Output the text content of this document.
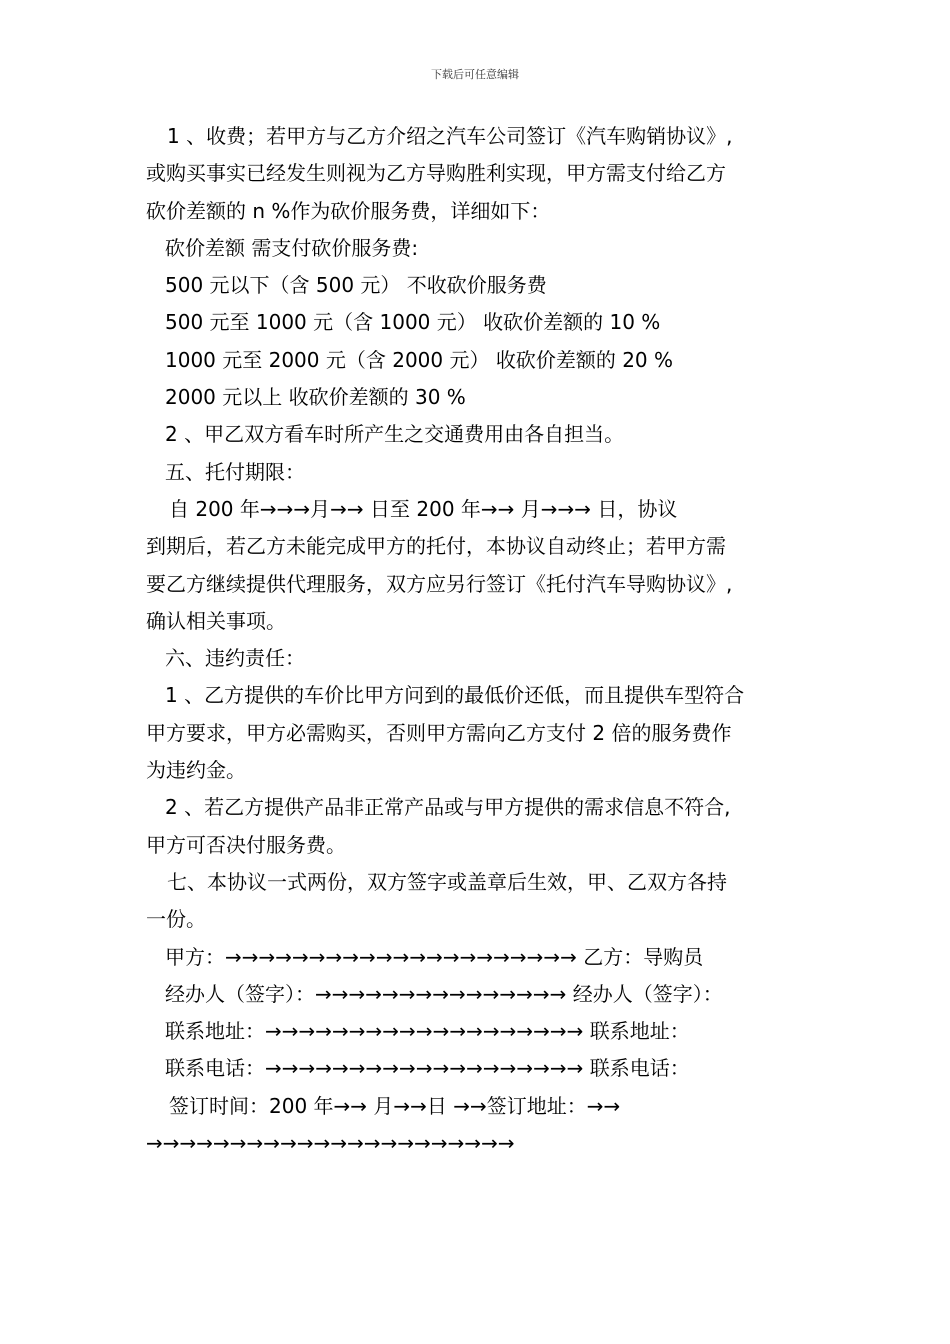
下载后可任意编辑
1 、收费；若甲方与乙方介绍之汽车公司签订《汽车购销协议》,
或购买事实已经发生则视为乙方导购胜利实现，甲方需支付给乙方
砍价差额的 n %作为砍价服务费，详细如下：
砍价差额 需支付砍价服务费:
500 元以下（含 500 元） 不收砍价服务费
500 元至 1000 元（含 1000 元） 收砍价差额的 10 %
1000 元至 2000 元（含 2000 元） 收砍价差额的 20 %
2000 元以上 收砍价差额的 30 %
2 、甲乙双方看车时所产生之交通费用由各自担当。
五、托付期限：
自 200 年→→→月→→ 日至 200 年→→ 月→→→ 日，协议
到期后，若乙方未能完成甲方的托付，本协议自动终止；若甲方需
要乙方继续提供代理服务，双方应另行签订《托付汽车导购协议》,
确认相关事项。
六、违约责任：
1 、乙方提供的车价比甲方问到的最低价还低，而且提供车型符合
甲方要求，甲方必需购买，否则甲方需向乙方支付 2 倍的服务费作
为违约金。
2 、若乙方提供产品非正常产品或与甲方提供的需求信息不符合,
甲方可否决付服务费。
七、本协议一式两份，双方签字或盖章后生效，甲、乙双方各持
一份。
甲方：→→→→→→→→→→→→→→→→→→→→→ 乙方：导购员
经办人（签字）：→→→→→→→→→→→→→→→ 经办人（签字）：
联系地址：→→→→→→→→→→→→→→→→→→→ 联系地址：
联系电话：→→→→→→→→→→→→→→→→→→→ 联系电话：
签订时间：200 年→→ 月→→日 →→签订地址：→→
→→→→→→→→→→→→→→→→→→→→→→
